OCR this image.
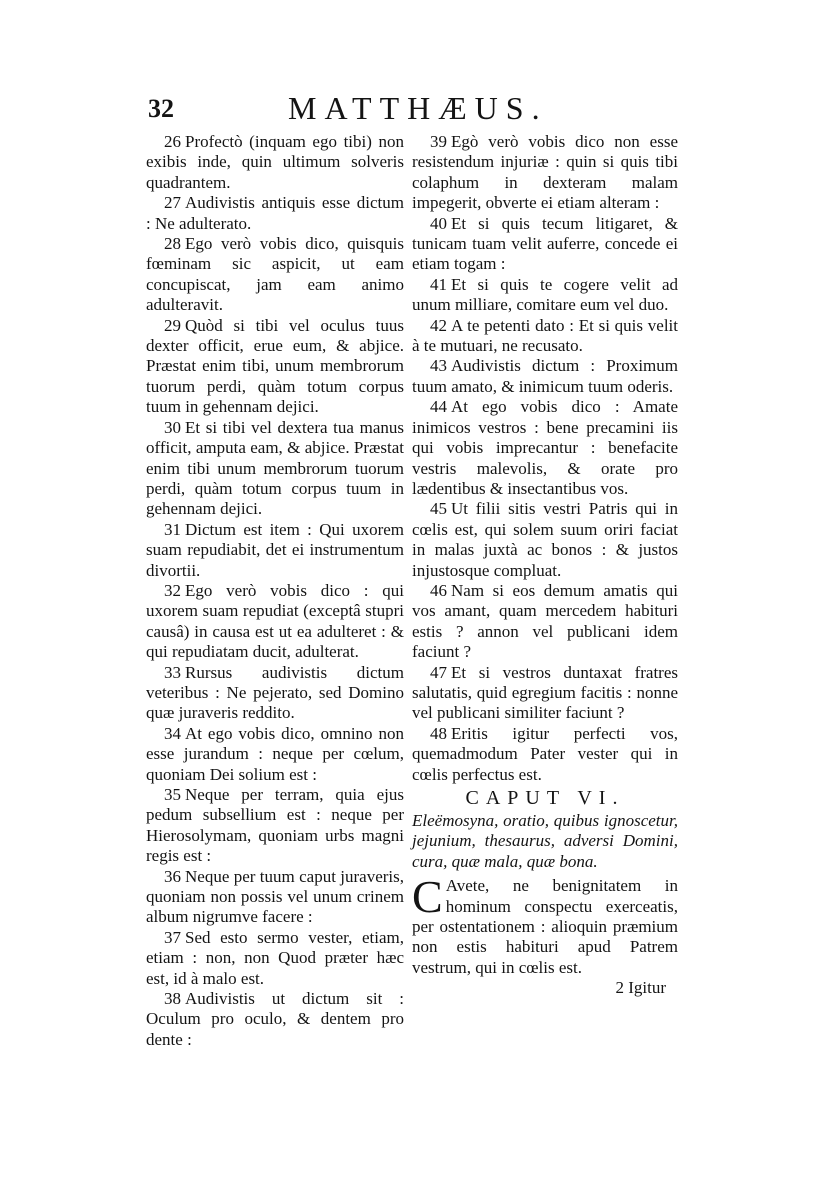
32	MATTHÆUS.

26 Profectò (inquam ego tibi) non exibis inde, quin ultimum solveris quadrantem.

27 Audivistis antiquis esse dictum : Ne adulterato.

28 Ego verò vobis dico, quisquis fœminam sic aspicit, ut eam concupiscat, jam eam animo adulteravit.

29 Quòd si tibi vel oculus tuus dexter officit, erue eum, & abjice. Præstat enim tibi, unum membrorum tuorum perdi, quàm totum corpus tuum in gehennam dejici.

30 Et si tibi vel dextera tua manus officit, amputa eam, & abjice. Præstat enim tibi unum membrorum tuorum perdi, quàm totum corpus tuum in gehennam dejici.

31 Dictum est item : Qui uxorem suam repudiabit, det ei instrumentum divortii.

32 Ego verò vobis dico : qui uxorem suam repudiat (exceptâ stupri causâ) in causa est ut ea adulteret : & qui repudiatam ducit, adulterat.

33 Rursus audivistis dictum veteribus : Ne pejerato, sed Domino quæ juraveris reddito.

34 At ego vobis dico, omnino non esse jurandum : neque per cœlum, quoniam Dei solium est :

35 Neque per terram, quia ejus pedum subsellium est : neque per Hierosolymam, quoniam urbs magni regis est :

36 Neque per tuum caput juraveris, quoniam non possis vel unum crinem album nigrumve facere :

37 Sed esto sermo vester, etiam, etiam : non, non Quod præter hæc est, id à malo est.

38 Audivistis ut dictum sit : Oculum pro oculo, & dentem pro dente :

39 Egò verò vobis dico non esse resistendum injuriæ : quin si quis tibi colaphum in dexteram malam impegerit, obverte ei etiam alteram :

40 Et si quis tecum litigaret, & tunicam tuam velit auferre, concede ei etiam togam :

41 Et si quis te cogere velit ad unum milliare, comitare eum vel duo.

42 A te petenti dato : Et si quis velit à te mutuari, ne recusato.

43 Audivistis dictum : Proximum tuum amato, & inimicum tuum oderis.

44 At ego vobis dico : Amate inimicos vestros : bene precamini iis qui vobis imprecantur : benefacite vestris malevolis, & orate pro lædentibus & insectantibus vos.

45 Ut filii sitis vestri Patris qui in cœlis est, qui solem suum oriri faciat in malas juxtà ac bonos : & justos injustosque compluat.

46 Nam si eos demum amatis qui vos amant, quam mercedem habituri estis ? annon vel publicani idem faciunt ?

47 Et si vestros duntaxat fratres salutatis, quid egregium facitis : nonne vel publicani similiter faciunt ?

48 Eritis igitur perfecti vos, quemadmodum Pater vester qui in cœlis perfectus est.

CAPUT VI.

Eleëmosyna, oratio, quibus ignoscetur, jejunium, thesaurus, adversi Domini, cura, quæ mala, quæ bona.

C Avete, ne benignitatem in hominum conspectu exerceatis, per ostentationem : alioquin præmium non estis habituri apud Patrem vestrum, qui in cœlis est.

2 Igitur
